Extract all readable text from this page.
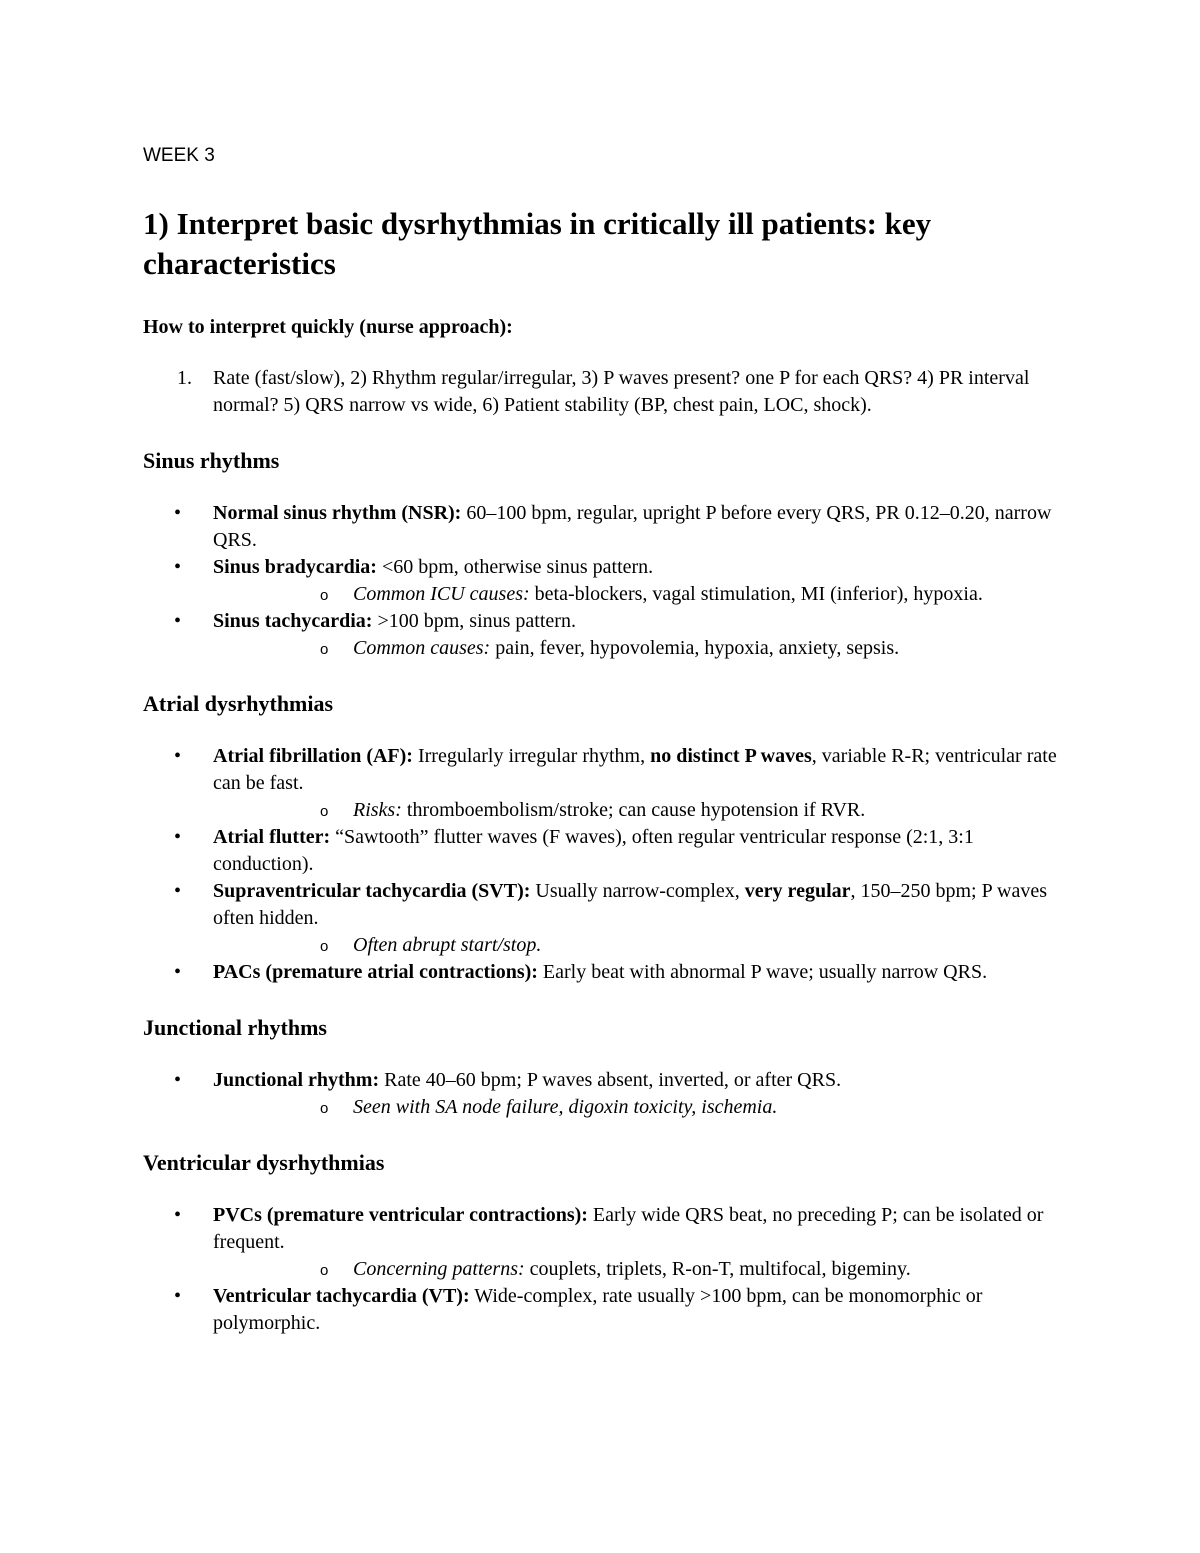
WEEK 3
1) Interpret basic dysrhythmias in critically ill patients: key characteristics

How to interpret quickly (nurse approach):

1. Rate (fast/slow), 2) Rhythm regular/irregular, 3) P waves present? one P for each QRS? 4) PR interval normal? 5) QRS narrow vs wide, 6) Patient stability (BP, chest pain, LOC, shock).
Sinus rhythms
• Normal sinus rhythm (NSR): 60–100 bpm, regular, upright P before every QRS, PR 0.12–0.20, narrow QRS.
• Sinus bradycardia: <60 bpm, otherwise sinus pattern.
o Common ICU causes: beta-blockers, vagal stimulation, MI (inferior), hypoxia.
• Sinus tachycardia: >100 bpm, sinus pattern.
o Common causes: pain, fever, hypovolemia, hypoxia, anxiety, sepsis.
Atrial dysrhythmias
• Atrial fibrillation (AF): Irregularly irregular rhythm, no distinct P waves, variable R-R; ventricular rate can be fast.
o Risks: thromboembolism/stroke; can cause hypotension if RVR.
• Atrial flutter: “Sawtooth” flutter waves (F waves), often regular ventricular response (2:1, 3:1 conduction).
• Supraventricular tachycardia (SVT): Usually narrow-complex, very regular, 150–250 bpm; P waves often hidden.
o Often abrupt start/stop.
• PACs (premature atrial contractions): Early beat with abnormal P wave; usually narrow QRS.
Junctional rhythms
• Junctional rhythm: Rate 40–60 bpm; P waves absent, inverted, or after QRS.
o Seen with SA node failure, digoxin toxicity, ischemia.
Ventricular dysrhythmias
• PVCs (premature ventricular contractions): Early wide QRS beat, no preceding P; can be isolated or frequent.
o Concerning patterns: couplets, triplets, R-on-T, multifocal, bigeminy.
• Ventricular tachycardia (VT): Wide-complex, rate usually >100 bpm, can be monomorphic or polymorphic.
